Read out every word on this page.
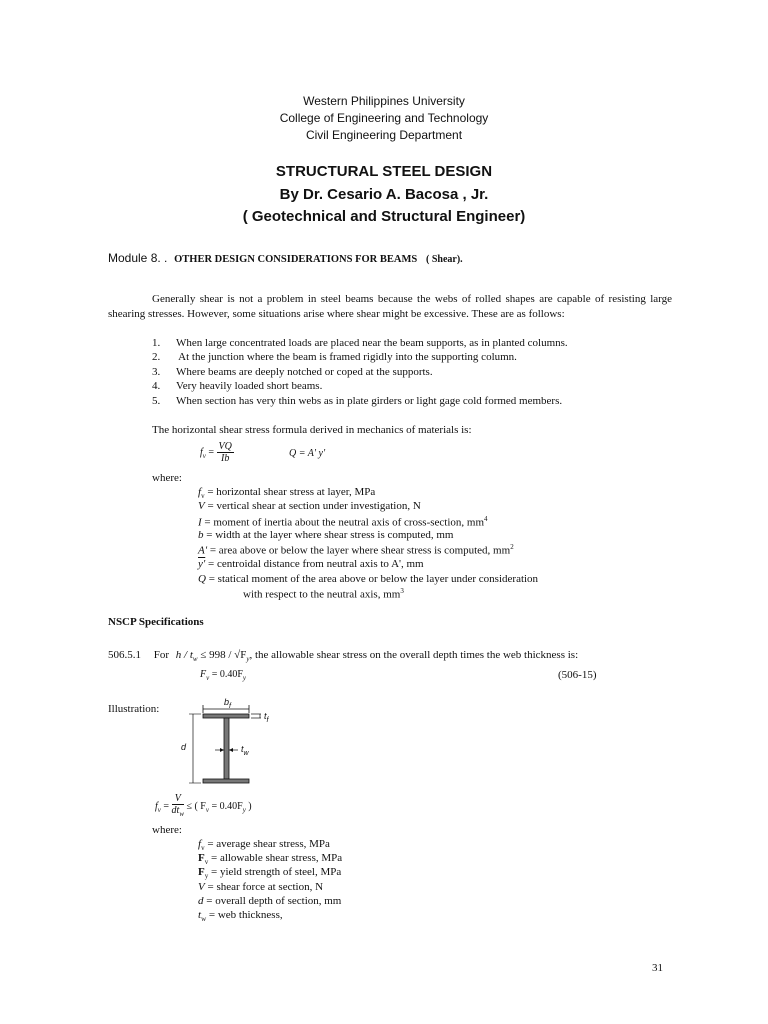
Western Philippines University
College of Engineering and Technology
Civil Engineering Department
STRUCTURAL STEEL DESIGN
By Dr. Cesario A. Bacosa , Jr.
( Geotechnical and Structural Engineer)
Module 8. . OTHER DESIGN CONSIDERATIONS FOR BEAMS ( Shear).
Generally shear is not a problem in steel beams because the webs of rolled shapes are capable of resisting large shearing stresses. However, some situations arise where shear might be excessive. These are as follows:
1. When large concentrated loads are placed near the beam supports, as in planted columns.
2. At the junction where the beam is framed rigidly into the supporting column.
3. Where beams are deeply notched or coped at the supports.
4. Very heavily loaded short beams.
5. When section has very thin webs as in plate girders or light gage cold formed members.
The horizontal shear stress formula derived in mechanics of materials is:
$f_v = \frac{VQ}{Ib}$	Q = A' y'
where:
$f_v$ = horizontal shear stress at layer, MPa
V = vertical shear at section under investigation, N
I = moment of inertia about the neutral axis of cross-section, $mm^4$
b = width at the layer where shear stress is computed, mm
A' = area above or below the layer where shear stress is computed, $mm^2$
y' = centroidal distance from neutral axis to A', mm
Q = statical moment of the area above or below the layer under consideration
with respect to the neutral axis, $mm^3$
NSCP Specifications
506.5.1 For $h / t_w \le 998 / √F_y$, the allowable shear stress on the overall depth times the web thickness is:
$F_v = 0.40F_y$	(506-15)
Illustration:
$b_f$
$t_f$
$t_w$
d
$f_v = \frac{V}{dt_w}$ ≤ ( $F_v = 0.40F_y$ )
where:
$f_v$ = average shear stress, MPa
$F_v$ = allowable shear stress, MPa
$F_y$ = yield strength of steel, MPa
V = shear force at section, N
d = overall depth of section, mm
$t_w$ = web thickness,
31
